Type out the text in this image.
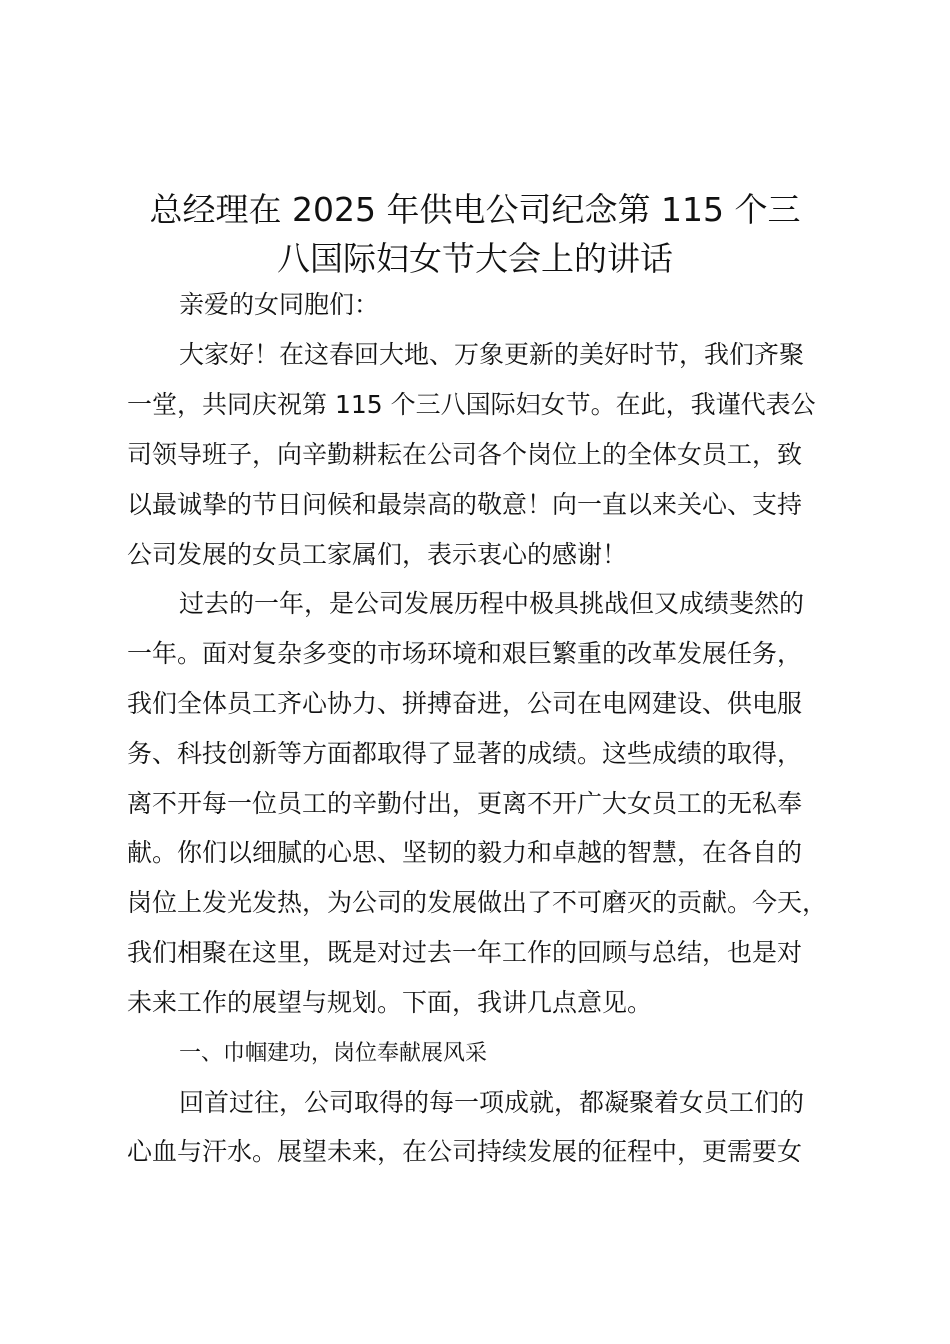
总经理在 2025 年供电公司纪念第 115 个三
八国际妇女节大会上的讲话
亲爱的女同胞们：
大家好！在这春回大地、万象更新的美好时节，我们齐聚
一堂，共同庆祝第 115 个三八国际妇女节。在此，我谨代表公
司领导班子，向辛勤耕耘在公司各个岗位上的全体女员工，致
以最诚挚的节日问候和最崇高的敬意！向一直以来关心、支持
公司发展的女员工家属们，表示衷心的感谢！
过去的一年，是公司发展历程中极具挑战但又成绩斐然的
一年。面对复杂多变的市场环境和艰巨繁重的改革发展任务，
我们全体员工齐心协力、拼搏奋进，公司在电网建设、供电服
务、科技创新等方面都取得了显著的成绩。这些成绩的取得，
离不开每一位员工的辛勤付出，更离不开广大女员工的无私奉
献。你们以细腻的心思、坚韧的毅力和卓越的智慧，在各自的
岗位上发光发热，为公司的发展做出了不可磨灭的贡献。今天，
我们相聚在这里，既是对过去一年工作的回顾与总结，也是对
未来工作的展望与规划。下面，我讲几点意见。
一、巾帼建功，岗位奉献展风采
回首过往，公司取得的每一项成就，都凝聚着女员工们的
心血与汗水。展望未来，在公司持续发展的征程中，更需要女
